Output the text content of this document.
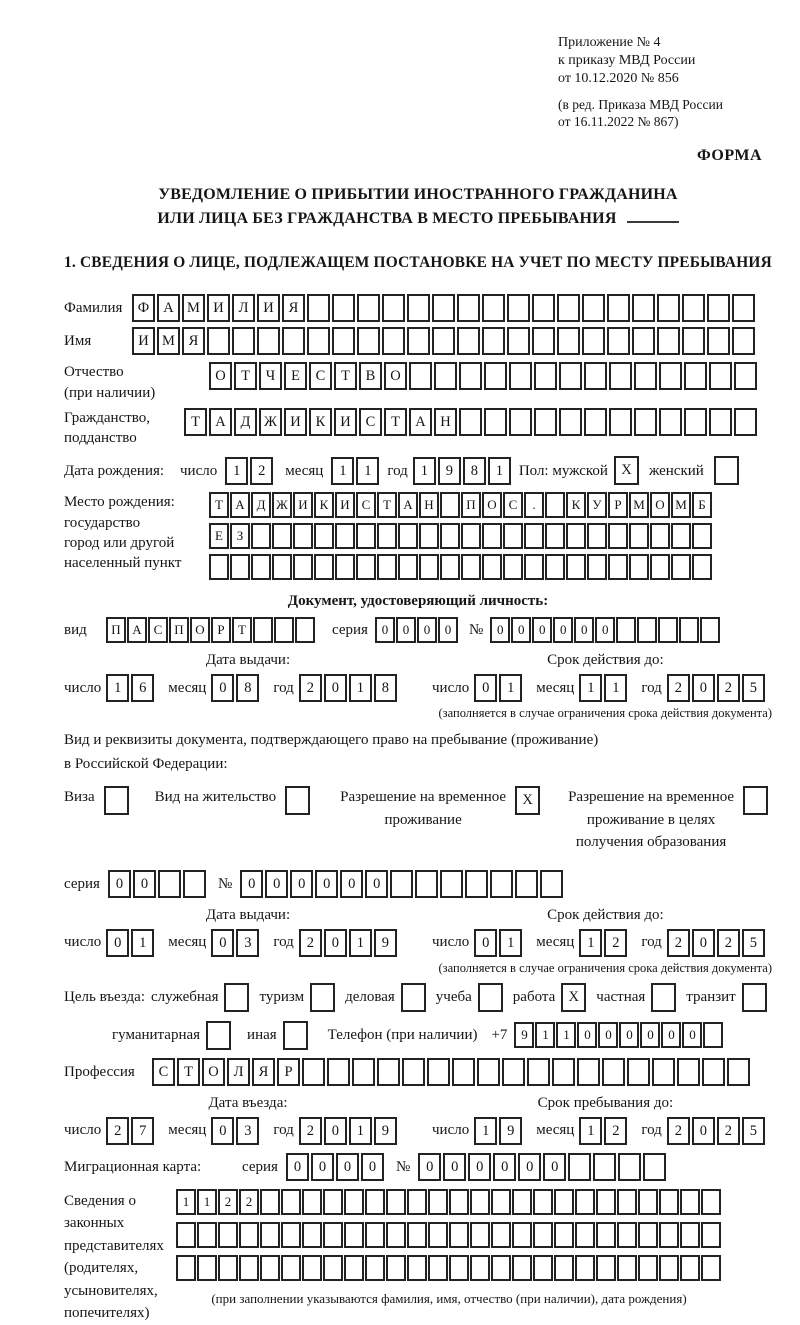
Приложение № 4
к приказу МВД России
от 10.12.2020 № 856
(в ред. Приказа МВД России
от 16.11.2022 № 867)
ФОРМА
УВЕДОМЛЕНИЕ О ПРИБЫТИИ ИНОСТРАННОГО ГРАЖДАНИНА
ИЛИ ЛИЦА БЕЗ ГРАЖДАНСТВА В МЕСТО ПРЕБЫВАНИЯ
1. СВЕДЕНИЯ О ЛИЦЕ, ПОДЛЕЖАЩЕМ ПОСТАНОВКЕ НА УЧЕТ ПО МЕСТУ ПРЕБЫВАНИЯ
Фамилия	Ф А М И	Л	И	Я
Имя	И М Я
Отчество
(при наличии)
О	Т	Ч	Е	С	Т	В	О
Гражданство,
подданство
Т	А	Д Ж И	К	И	С	Т	А	Н
Дата рождения:	число	1	2	месяц	1	1	год 1	9	8	1	Пол: мужской X	женский
Место рождения:
государство
город или другой
населенный пункт
Т А Д Ж И К И С Т А Н	П О С	.	К У Р М О М Б

Е	З

Документ, удостоверяющий личность:
вид	П А С П О Р	Т	серия	0	0	0	0	№	0	0	0	0	0	0
Дата выдачи:
число 1	6	месяц 0	8	год 2	0	1	8
Срок действия до:
число 0	1	месяц 1	1	год 2	0	2	5
(заполняется в случае ограничения срока действия документа)
Вид и реквизиты документа, подтверждающего право на пребывание (проживание)
в Российской Федерации:
Виза	Вид на жительство	Разрешение на временное
проживание
X	Разрешение на временное
проживание в целях
получения образования
серия	0	0	№	0	0	0	0	0	0
Дата выдачи:
число 0	1	месяц 0	3	год 2	0	1	9
Срок действия до:
число 0	1	месяц 1	2	год 2	0	2	5
(заполняется в случае ограничения срока действия документа)
Цель въезда: служебная	туризм	деловая	учеба	работа X	частная	транзит
гуманитарная	иная	Телефон (при наличии) +7	9	1	1	0	0	0	0	0	0
Профессия	С	Т	О	Л	Я	Р
Дата въезда:
число 2	7	месяц 0	3	год 2	0	1	9
Срок пребывания до:
число 1	9	месяц 1	2	год 2	0	2	5
Миграционная карта:	серия	0	0	0	0	№	0	0	0	0	0	0
Сведения о
законных
представителях
(родителях,
усыновителях,
попечителях)
1	1	2	2
(при заполнении указываются фамилия, имя, отчество (при наличии), дата рождения)
